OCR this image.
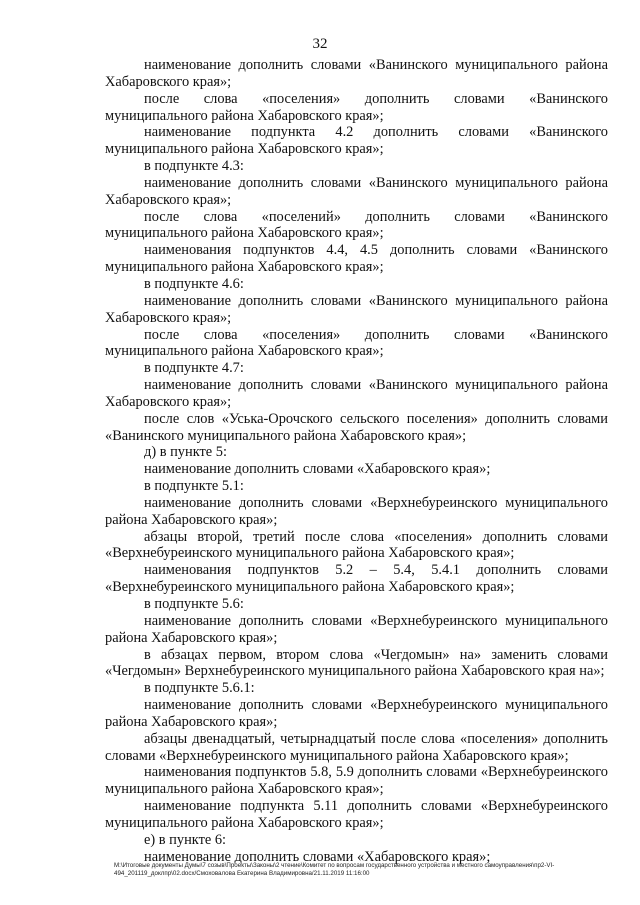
32

наименование дополнить словами «Ванинского муниципального района Хабаровского края»;

после слова «поселения» дополнить словами «Ванинского муниципального района Хабаровского края»;

наименование подпункта 4.2 дополнить словами «Ванинского муниципального района Хабаровского края»;

в подпункте 4.3:

наименование дополнить словами «Ванинского муниципального района Хабаровского края»;

после слова «поселений» дополнить словами «Ванинского муниципального района Хабаровского края»;

наименования подпунктов 4.4, 4.5 дополнить словами «Ванинского муниципального района Хабаровского края»;

в подпункте 4.6:

наименование дополнить словами «Ванинского муниципального района Хабаровского края»;

после слова «поселения» дополнить словами «Ванинского муниципального района Хабаровского края»;

в подпункте 4.7:

наименование дополнить словами «Ванинского муниципального района Хабаровского края»;

после слов «Уська-Орочского сельского поселения» дополнить словами «Ванинского муниципального района Хабаровского края»;

д) в пункте 5:

наименование дополнить словами «Хабаровского края»;

в подпункте 5.1:

наименование дополнить словами «Верхнебуреинского муниципального района Хабаровского края»;

абзацы второй, третий после слова «поселения» дополнить словами «Верхнебуреинского муниципального района Хабаровского края»;

наименования подпунктов 5.2 – 5.4, 5.4.1 дополнить словами «Верхнебуреинского муниципального района Хабаровского края»;

в подпункте 5.6:

наименование дополнить словами «Верхнебуреинского муниципального района Хабаровского края»;

в абзацах первом, втором слова «Чегдомын» на» заменить словами «Чегдомын» Верхнебуреинского муниципального района Хабаровского края на»;

в подпункте 5.6.1:

наименование дополнить словами «Верхнебуреинского муниципального района Хабаровского края»;

абзацы двенадцатый, четырнадцатый после слова «поселения» дополнить словами «Верхнебуреинского муниципального района Хабаровского края»;

наименования подпунктов 5.8, 5.9 дополнить словами «Верхнебуреинского муниципального района Хабаровского края»;

наименование подпункта 5.11 дополнить словами «Верхнебуреинского муниципального района Хабаровского края»;

е) в пункте 6:

наименование дополнить словами «Хабаровского края»;

M:\Итоговые документы Думы\7 созыв\Проекты\Законы\2 чтение\Комитет по вопросам государственного устройства и местного самоуправления\пр2-VI-
494_201119_доклпр\02.docx/Смоховалова Екатерина Владимировна/21.11.2019 11:16:00
